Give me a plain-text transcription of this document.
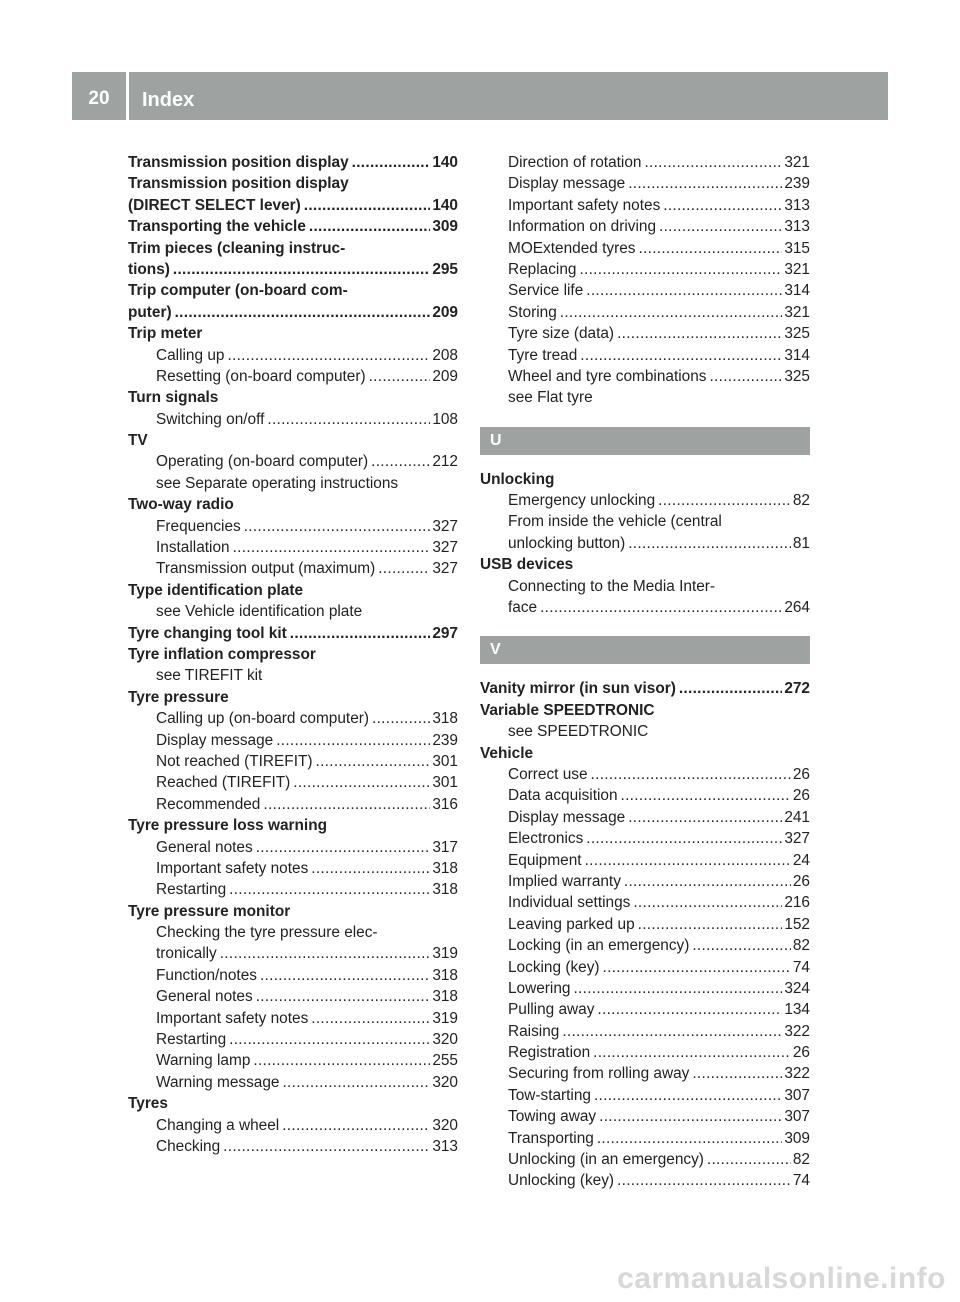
20	Index
Transmission position display .....	140
Transmission position display
(DIRECT SELECT lever) .....	140
Transporting the vehicle .....	309
Trim pieces (cleaning instruc-
tions) .....	295
Trip computer (on-board com-
puter) .....	209
Trip meter
Calling up .....	208
Resetting (on-board computer) .....	209
Turn signals
Switching on/off .....	108
TV
Operating (on-board computer) .....	212
see Separate operating instructions
Two-way radio
Frequencies .....	327
Installation .....	327
Transmission output (maximum) .....	327
Type identification plate
see Vehicle identification plate
Tyre changing tool kit .....	297
Tyre inflation compressor
see TIREFIT kit
Tyre pressure
Calling up (on-board computer) .....	318
Display message .....	239
Not reached (TIREFIT) .....	301
Reached (TIREFIT) .....	301
Recommended .....	316
Tyre pressure loss warning
General notes .....	317
Important safety notes .....	318
Restarting .....	318
Tyre pressure monitor
Checking the tyre pressure elec-
tronically .....	319
Function/notes .....	318
General notes .....	318
Important safety notes .....	319
Restarting .....	320
Warning lamp .....	255
Warning message .....	320
Tyres
Changing a wheel .....	320
Checking .....	313
Direction of rotation .....	321
Display message .....	239
Important safety notes .....	313
Information on driving .....	313
MOExtended tyres .....	315
Replacing .....	321
Service life .....	314
Storing .....	321
Tyre size (data) .....	325
Tyre tread .....	314
Wheel and tyre combinations .....	325
see Flat tyre
U
Unlocking
Emergency unlocking .....	82
From inside the vehicle (central
unlocking button) .....	81
USB devices
Connecting to the Media Inter-
face .....	264
V
Vanity mirror (in sun visor) .....	272
Variable SPEEDTRONIC
see SPEEDTRONIC
Vehicle
Correct use .....	26
Data acquisition .....	26
Display message .....	241
Electronics .....	327
Equipment .....	24
Implied warranty .....	26
Individual settings .....	216
Leaving parked up .....	152
Locking (in an emergency) .....	82
Locking (key) .....	74
Lowering .....	324
Pulling away .....	134
Raising .....	322
Registration .....	26
Securing from rolling away .....	322
Tow-starting .....	307
Towing away .....	307
Transporting .....	309
Unlocking (in an emergency) .....	82
Unlocking (key) .....	74
carmanualsonline.info
